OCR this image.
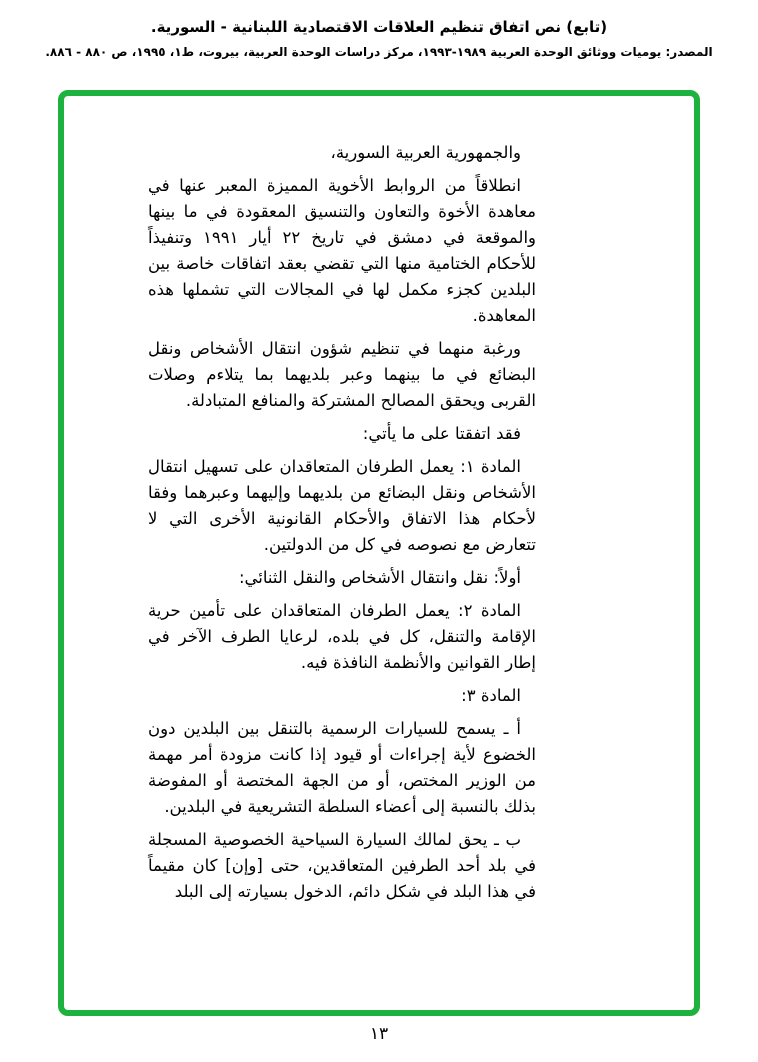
(تابع) نص اتفاق تنظيم العلاقات الاقتصادية اللبنانية - السورية.

المصدر: يوميات ووثائق الوحدة العربية ١٩٨٩-١٩٩٣، مركز دراسات الوحدة العربية، بيروت، ط١، ١٩٩٥، ص ٨٨٠ - ٨٨٦.

والجمهورية العربية السورية،

انطلاقاً من الروابط الأخوية المميزة المعبر عنها في معاهدة الأخوة والتعاون والتنسيق المعقودة في ما بينها والموقعة في دمشق في تاريخ ٢٢ أيار ١٩٩١ وتنفيذاً للأحكام الختامية منها التي تقضي بعقد اتفاقات خاصة بين البلدين كجزء مكمل لها في المجالات التي تشملها هذه المعاهدة.

ورغبة منهما في تنظيم شؤون انتقال الأشخاص ونقل البضائع في ما بينهما وعبر بلديهما بما يتلاءم وصلات القربى ويحقق المصالح المشتركة والمنافع المتبادلة.

فقد اتفقتا على ما يأتي:

المادة ١: يعمل الطرفان المتعاقدان على تسهيل انتقال الأشخاص ونقل البضائع من بلديهما وإليهما وعبرهما وفقا لأحكام هذا الاتفاق والأحكام القانونية الأخرى التي لا تتعارض مع نصوصه في كل من الدولتين.

أولاً: نقل وانتقال الأشخاص والنقل الثنائي:

المادة ٢: يعمل الطرفان المتعاقدان على تأمين حرية الإقامة والتنقل، كل في بلده، لرعايا الطرف الآخر في إطار القوانين والأنظمة النافذة فيه.

المادة ٣:

أ ـ يسمح للسيارات الرسمية بالتنقل بين البلدين دون الخضوع لأية إجراءات أو قيود إذا كانت مزودة أمر مهمة من الوزير المختص، أو من الجهة المختصة أو المفوضة بذلك بالنسبة إلى أعضاء السلطة التشريعية في البلدين.

ب ـ يحق لمالك السيارة السياحية الخصوصية المسجلة في بلد أحد الطرفين المتعاقدين، حتى [وإن] كان مقيماً في هذا البلد في شكل دائم، الدخول بسيارته إلى البلد

١٣
